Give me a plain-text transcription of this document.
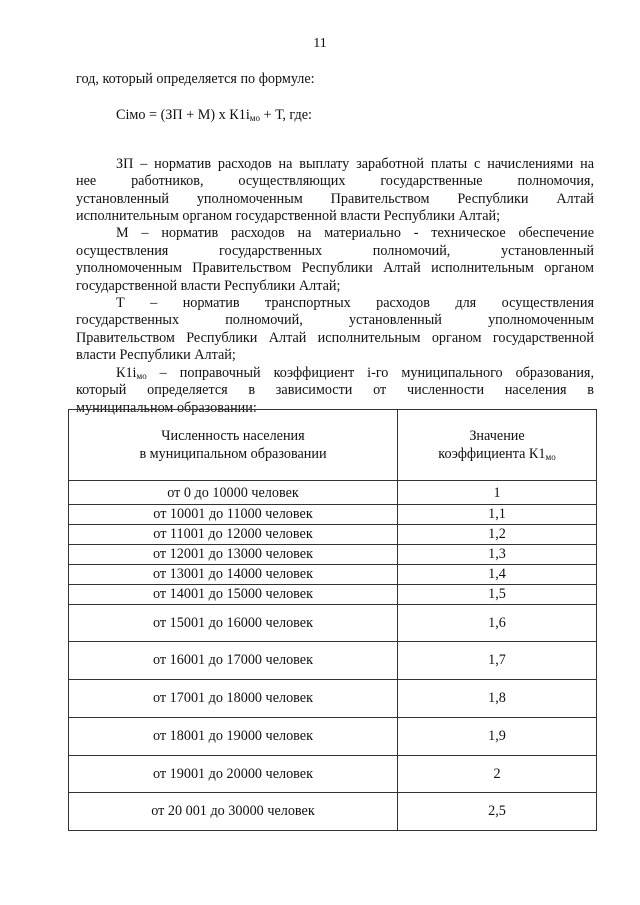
11
год, который определяется по формуле:
Ciмо = (ЗП + М) х $К1i_{мо} + Т$, где:
ЗП – норматив расходов на выплату заработной платы с начислениями на
нее работников, осуществляющих государственные полномочия,
установленный уполномоченным Правительством Республики Алтай
исполнительным органом государственной власти Республики Алтай;
М – норматив расходов на материально - техническое обеспечение
осуществления государственных полномочий, установленный
уполномоченным Правительством Республики Алтай исполнительным органом
государственной власти Республики Алтай;
Т – норматив транспортных расходов для осуществления
государственных полномочий, установленный уполномоченным
Правительством Республики Алтай исполнительным органом государственной
власти Республики Алтай;
$К1i_{мо}$ – поправочный коэффициент i-го муниципального образования,
который определяется в зависимости от численности населения в
муниципальном образовании:
Численность населения
в муниципальном образовании	Значение
коэффициента $К1_{мо}$
от 0 до 10000 человек	1
от 10001 до 11000 человек	1,1
от 11001 до 12000 человек	1,2
от 12001 до 13000 человек	1,3
от 13001 до 14000 человек	1,4
от 14001 до 15000 человек	1,5
от 15001 до 16000 человек	1,6
от 16001 до 17000 человек	1,7
от 17001 до 18000 человек	1,8
от 18001 до 19000 человек	1,9
от 19001 до 20000 человек	2
от 20 001 до 30000 человек	2,5
